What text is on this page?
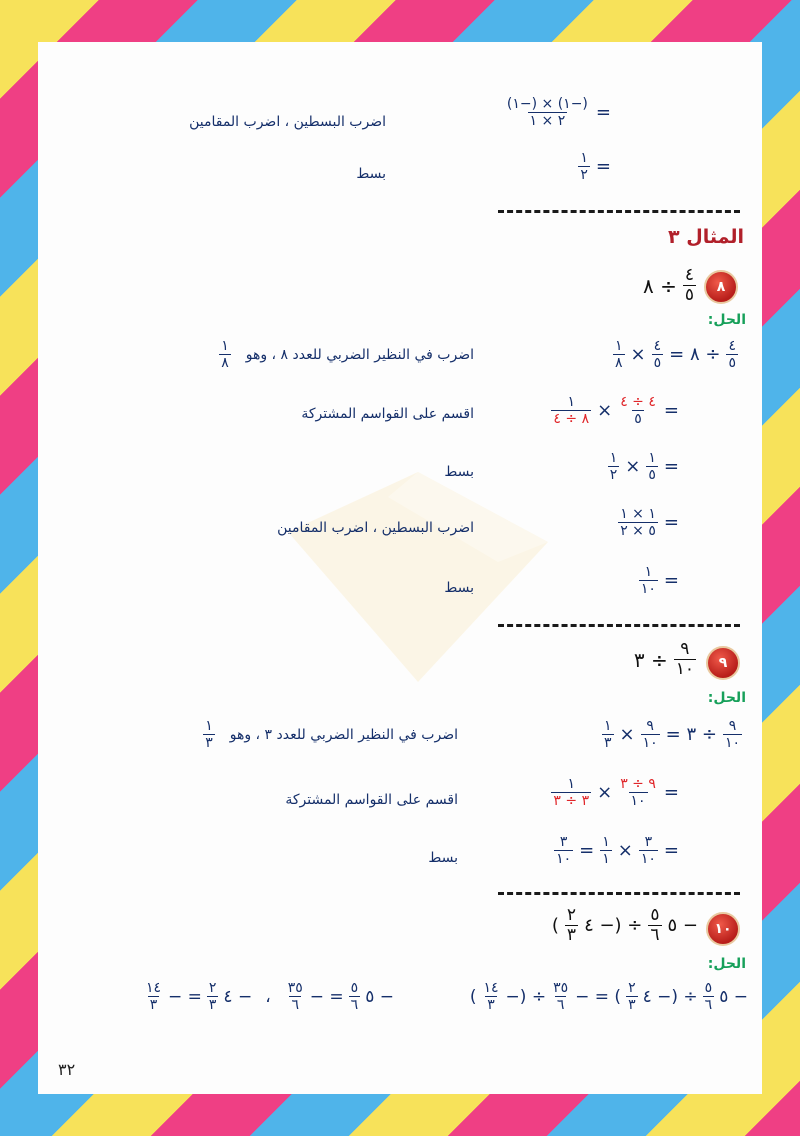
=
$\frac{(-١) \times (-١)}{٢ \times ١}$
اضرب البسطين ، اضرب المقامين
=
$\frac{١}{٢}$
بسط
المثال ٣
٨
$\frac{٤}{٥}$
÷ ٨
الحل:
$\frac{٤}{٥}$
÷ ٨ =
$\frac{٤}{٥}$
×
$\frac{١}{٨}$
اضرب في النظير الضربي للعدد ٨ ، وهو
$\frac{١}{٨}$
=
$\frac{٤ \div ٤}{٥}$
×
$\frac{١}{٨ \div ٤}$
اقسم على القواسم المشتركة
=
$\frac{١}{٥}$
×
$\frac{١}{٢}$
بسط
=
$\frac{١ \times ١}{٥ \times ٢}$
اضرب البسطين ، اضرب المقامين
=
$\frac{١}{١٠}$
بسط
٩
$\frac{٩}{١٠}$
÷ ٣
الحل:
$\frac{٩}{١٠}$
÷ ٣ =
$\frac{٩}{١٠}$
×
$\frac{١}{٣}$
اضرب في النظير الضربي للعدد ٣ ، وهو
$\frac{١}{٣}$
=
$\frac{٩ \div ٣}{١٠}$
×
$\frac{١}{٣ \div ٣}$
اقسم على القواسم المشتركة
=
$\frac{٣}{١٠}$
×
$\frac{١}{١}$
=
$\frac{٣}{١٠}$
بسط
١٠
− ٥
$\frac{٥}{٦}$
÷ (− ٤
$\frac{٢}{٣}$
)
الحل:
− ٥
$\frac{٥}{٦}$
÷ (− ٤
$\frac{٢}{٣}$
) = −
$\frac{٣٥}{٦}$
÷ (−
$\frac{١٤}{٣}$
)
− ٥
$\frac{٥}{٦}$
= −
$\frac{٣٥}{٦}$
،
− ٤
$\frac{٢}{٣}$
= −
$\frac{١٤}{٣}$
٣٢
